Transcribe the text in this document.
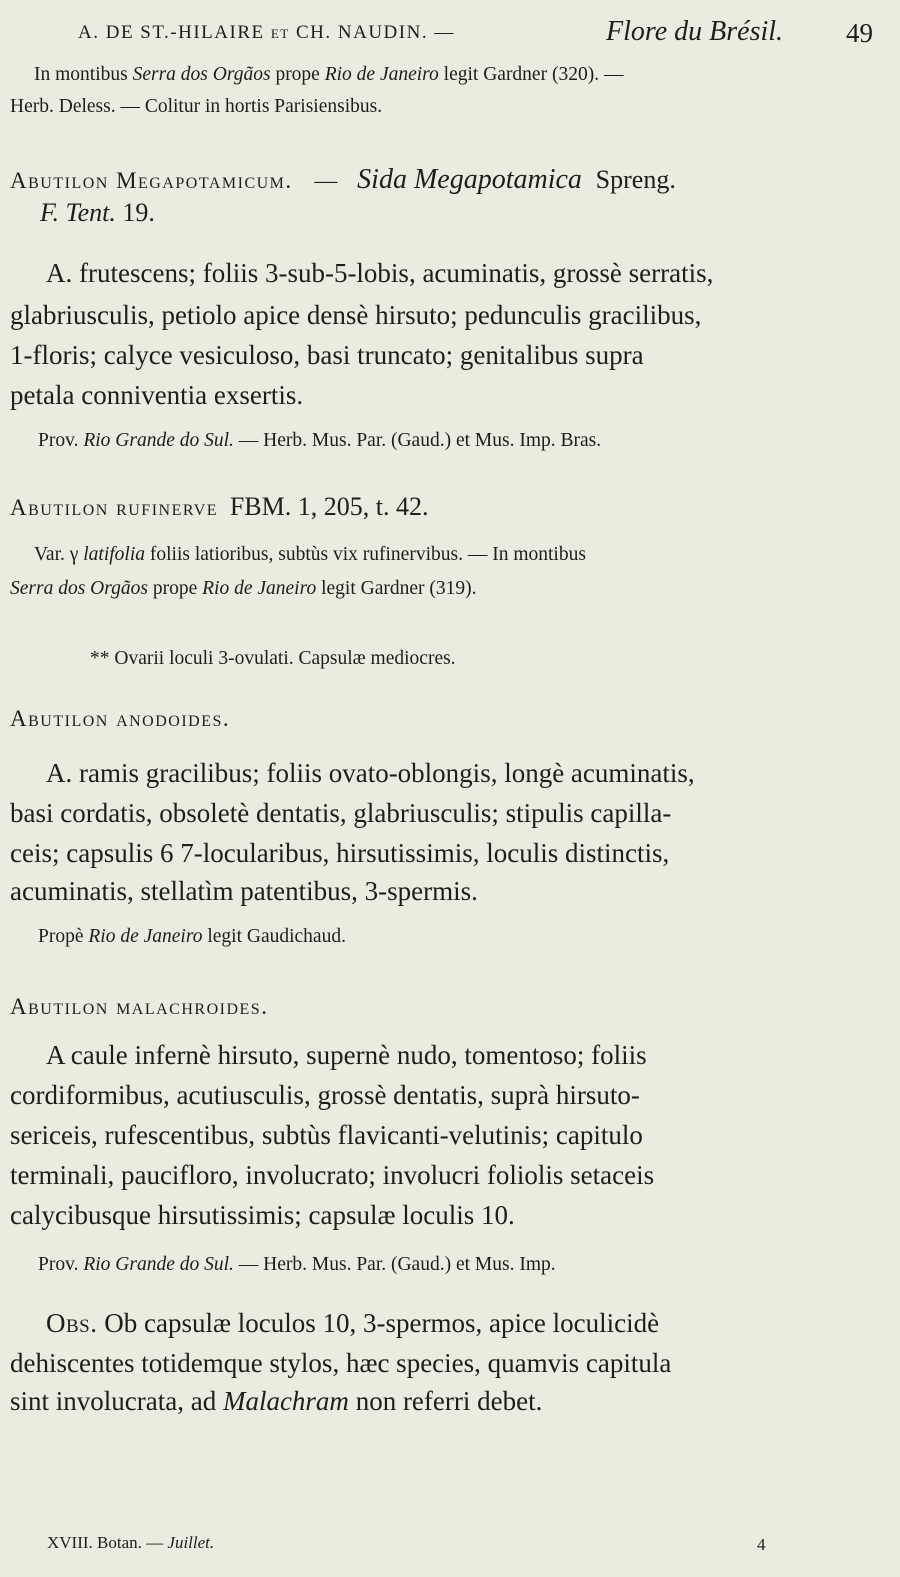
A. DE ST.-HILAIRE et CH. NAUDIN. —	Flore du Brésil. 49
In montibus Serra dos Orgãos prope Rio de Janeiro legit Gardner (320). —
Herb. Deless. — Colitur in hortis Parisiensibus.
Abutilon Megapotamicum. — Sida Megapotamica Spreng.
F. Tent. 19.
A. frutescens; foliis 3-sub-5-lobis, acuminatis, grossè serratis,
glabriusculis, petiolo apice densè hirsuto; pedunculis gracilibus,
1-floris; calyce vesiculoso, basi truncato; genitalibus supra
petala conniventia exsertis.
Prov. Rio Grande do Sul. — Herb. Mus. Par. (Gaud.) et Mus. Imp. Bras.
Abutilon rufinerve FBM. 1, 205, t. 42.
Var. γ latifolia foliis latioribus, subtùs vix rufinervibus. — In montibus
Serra dos Orgãos prope Rio de Janeiro legit Gardner (319).
** Ovarii loculi 3-ovulati. Capsulæ mediocres.
Abutilon anodoides.
A. ramis gracilibus; foliis ovato-oblongis, longè acuminatis,
basi cordatis, obsoletè dentatis, glabriusculis; stipulis capilla-
ceis; capsulis 6 7-locularibus, hirsutissimis, loculis distinctis,
acuminatis, stellatìm patentibus, 3-spermis.
Propè Rio de Janeiro legit Gaudichaud.
Abutilon malachroides.
A caule infernè hirsuto, supernè nudo, tomentoso; foliis
cordiformibus, acutiusculis, grossè dentatis, suprà hirsuto-
sericeis, rufescentibus, subtùs flavicanti-velutinis; capitulo
terminali, paucifloro, involucrato; involucri foliolis setaceis
calycibusque hirsutissimis; capsulæ loculis 10.
Prov. Rio Grande do Sul. — Herb. Mus. Par. (Gaud.) et Mus. Imp.
Obs. Ob capsulæ loculos 10, 3-spermos, apice loculicidè
dehiscentes totidemque stylos, hæc species, quamvis capitula
sint involucrata, ad Malachram non referri debet.
XVIII. Botan. — Juillet.	4
